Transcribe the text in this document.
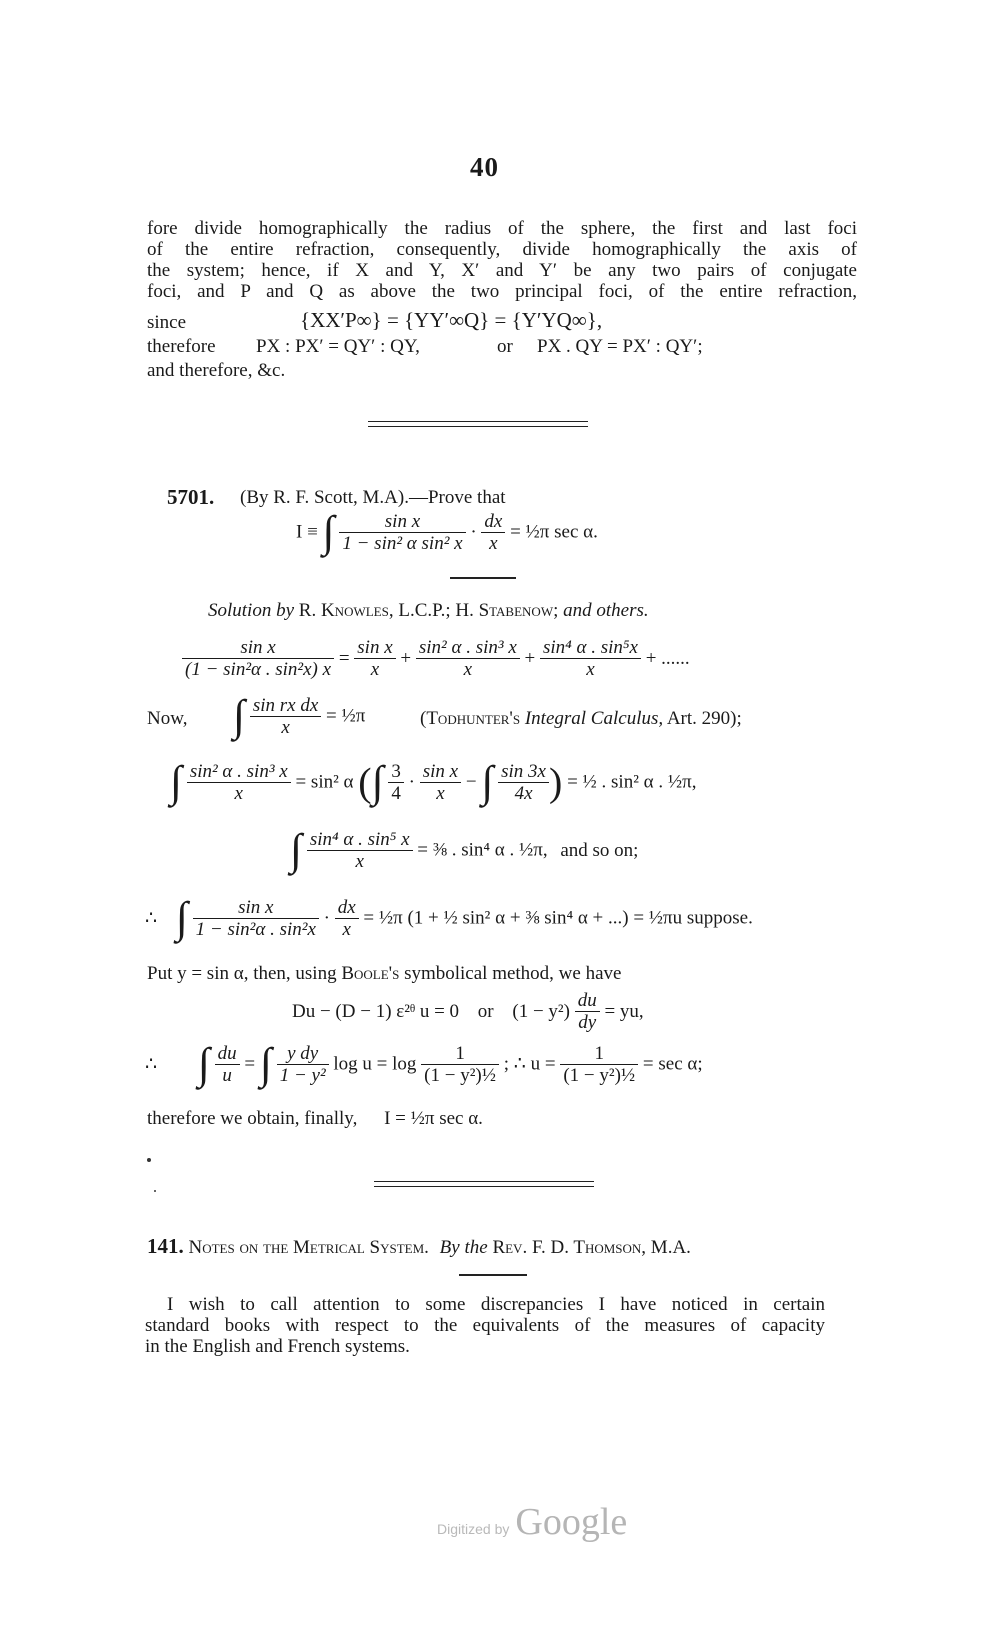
40
fore divide homographically the radius of the sphere, the first and last foci
of the entire refraction, consequently, divide homographically the axis of
the system; hence, if X and Y, X′ and Y′ be any two pairs of conjugate
foci, and P and Q as above the two principal foci, of the entire refraction,
since	{XX′P∞} = {YY′∞Q} = {Y′YQ∞},
therefore PX : PX′ = QY′ : QY,	or PX . QY = PX′ : QY′;
and therefore, &c.
5701. (By R. F. Scott, M.A).—Prove that
I ≡ ∫ $\frac{\text{sin x}}{\text{1 − sin² α sin² x}} \cdot \frac{dx}{x}$ = ½π sec α.
Solution by R. Knowles, L.C.P.; H. Stabenow; and others.
$\frac{\text{sin x}}{\text{(1 − sin²α . sin²x) x}} = \frac{\text{sin x}}{x} + \frac{\text{sin² α . sin³ x}}{x} + \frac{\text{sin⁴ α . sin⁵x}}{x}$ + ......
Now, ∫ $\frac{\text{sin rx dx}}{x}$ = ½π	(Todhunter's Integral Calculus, Art. 290);
∫ $\frac{\text{sin² α . sin³ x}}{x} = \sin^2$ α (∫ $\frac{3}{4} \cdot \frac{\text{sin x}}{x}$ − ∫ $\frac{\sin 3x}{4x}$ ) = ½ . sin² α . ½π,
∫ $\frac{\text{sin⁴ α . sin⁵ x}}{x}$ = ⅜ . sin⁴ α . ½π, and so on;
∴ ∫ $\frac{\text{sin x}}{\text{1 − sin²α . sin²x}} \cdot \frac{dx}{x}$ = ½π (1 + ½ sin² α + ⅜ sin⁴ α + ...) = ½πu suppose.
Put y = sin α, then, using Boole's symbolical method, we have
Du − (D − 1) ε²ᶿ u = 0 or $(1 - y^2) \frac{du}{dy}$ = yu,
∴ ∫ $\frac{du}{u}$ = ∫ $\frac{\text{y dy}}{\text{1 − y²}}$ $\log u = \log \frac{1}{\text{(1 − y²)½}}$ ; ∴ $u = \frac{1}{\text{(1 − y²)½}} = \sec \alpha$;
therefore we obtain, finally, I = ½π sec α.
141. Notes on the Metrical System. By the Rev. F. D. Thomson, M.A.
I wish to call attention to some discrepancies I have noticed in certain
standard books with respect to the equivalents of the measures of capacity
in the English and French systems.
Digitized by Google
